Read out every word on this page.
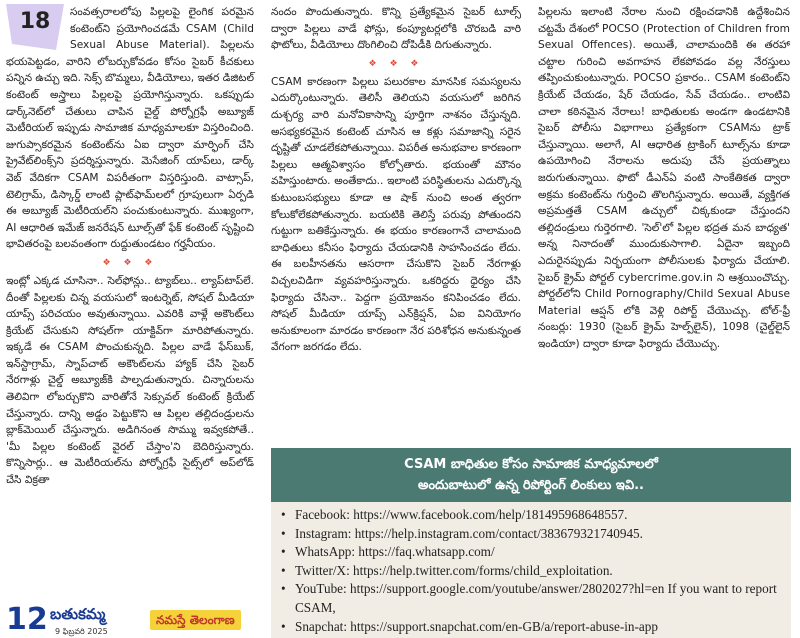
18	సంవత్సరాలలోపు పిల్లలపై లైంగిక పరమైన కంటెంట్‌ని ప్రయోగించడమే CSAM (Child Sexual Abuse Material). పిల్లలను భయపెట్టడం, వారిని లోబర్చుకోవడం కోసం సైబర్ కీచకులు పన్నిన ఉచ్చు ఇది. సెక్స్ బొమ్మలు, వీడియోలు, ఇతర డిజిటల్ కంటెంట్ అస్త్రాలు పిల్లలపై ప్రయోగిస్తున్నారు. ఒకప్పుడు డార్క్‌నెట్‌లో చేతులు చాపిన చైల్డ్ పోర్నోగ్రఫీ అబ్యూజ్ మెటీరియల్ ఇప్పుడు సామాజిక మాధ్యమాలకూ విస్తరించింది. జుగుప్సాకరమైన కంటెంట్‌ను ఏఐ ద్వారా మార్ఫింగ్ చేసి ప్రైవేట్‌లింక్స్‌ని ప్రదర్శిస్తున్నారు. మెసేజింగ్ యాప్‌లు, డార్క్ వెబ్ వేదికగా CSAM విపరీతంగా విస్తరిస్తుంది. వాట్సాప్, టెలిగ్రామ్, డిస్కార్డ్ లాంటి ప్లాట్‌ఫామ్‌లలో గ్రూపులుగా ఏర్పడి ఈ అబ్యూజ్ మెటీరియల్‌ని పంచుకుంటున్నారు. ముఖ్యంగా, AI ఆధారిత ఇమేజ్ జనరేషన్ టూల్స్‌తో ఫేక్ కంటెంట్ సృష్టించి భావితరంపై బలవంతంగా రుద్దుతుండటం గర్హనీయం.

❖ ❖ ❖

ఇంట్లో ఎక్కడ చూసినా.. సెల్‌ఫోన్లు.. ట్యాబ్‌లు.. ల్యాప్‌టాప్‌లే. దీంతో పిల్లలకు చిన్న వయసులో ఇంటర్నెట్, సోషల్ మీడియా యాప్స్ పరిచయం అవుతున్నాయి. ఎవరికి వాళ్లే అకౌంట్‌లు క్రియేట్ చేసుకుని సోషల్‌గా యాక్టివ్‌గా మారిపోతున్నారు. ఇక్కడే ఈ CSAM పొంచుకున్నది. పిల్లల వాడే ఫేస్‌బుక్, ఇన్‌స్టాగ్రామ్, స్నాప్‌చాట్ అకౌంట్‌లను హ్యాక్ చేసి సైబర్ నేరగాళ్లు చైల్డ్ అబ్యూజ్‌కి పాల్పడుతున్నారు. చిన్నారులను తెలివిగా లోబర్చుకొని వారితోనే సెక్సువల్ కంటెంట్ క్రియేట్ చేస్తున్నారు. దాన్ని అడ్డం పెట్టుకొని ఆ పిల్లల తల్లిదండ్రులను బ్లాక్‌మెయిల్ చేస్తున్నారు. అడిగినంత సొమ్ము ఇవ్వకపోతే.. 'మీ పిల్లల కంటెంట్ వైరల్ చేస్తాం'ని బెదిరిస్తున్నారు. కొన్నిసార్లు.. ఆ మెటీరియల్‌ను పోర్నోగ్రఫీ సైట్స్‌లో అప్‌లోడ్ చేసి విక్రతా

నందం పొందుతున్నారు. కొన్ని ప్రత్యేకమైన సైబర్ టూల్స్ ద్వారా పిల్లలు వాడే ఫోన్లు, కంప్యూటర్లలోకి చొరబడి వారి ఫొటోలు, వీడియోలు దొంగిలించి దోపిడీకి దిగుతున్నారు.

❖ ❖ ❖

CSAM కారణంగా పిల్లలు పలురకాల మానసిక సమస్యలను ఎదుర్కొంటున్నారు. తెలిసీ తెలియని వయసులో జరిగిన దుశ్చర్య వారి మనోవికాసాన్ని పూర్తిగా నాశనం చేస్తున్నది. అసభ్యకరమైన కంటెంట్ చూసిన ఆ కళ్లు సమాజాన్ని సరైన దృష్టితో చూడలేకపోతున్నాయి. విపరీత అనుభవాల కారణంగా పిల్లలు ఆత్మవిశ్వాసం కోల్పోతారు. భయంతో మౌనం వహిస్తుంటారు. అంతేకాదు.. ఇలాంటి పరిస్థితులను ఎదుర్కొన్న కుటుంబసభ్యులు కూడా ఆ షాక్ నుంచి అంత త్వరగా కోలుకోలేకపోతున్నారు. బయటికి తెలిస్తే పరువు పోతుందని గుట్టుగా బతికేస్తున్నారు. ఈ భయం కారణంగానే చాలామంది బాధితులు కనీసం ఫిర్యాదు చేయడానికి సాహసించడం లేదు. ఈ బలహీనతను ఆసరాగా చేసుకొని సైబర్ నేరగాళ్లు విచ్చలవిడిగా వ్యవహరిస్తున్నారు. ఒకరిద్దరు ధైర్యం చేసి ఫిర్యాదు చేసినా.. పెద్దగా ప్రయోజనం కనిపించడం లేదు. సోషల్ మీడియా యాప్స్ ఎన్‌క్రిప్షన్, ఏఐ వినియోగం అనుకూలంగా మారడం కారణంగా నేర పరిశోధన అనుకున్నంత వేగంగా జరగడం లేదు.

పిల్లలను ఇలాంటి నేరాల నుంచి రక్షించడానికి ఉద్దేశించిన చట్టమే దేశంలో POCSO (Protection of Children from Sexual Offences). అయితే, చాలామందికి ఈ తరహా చట్టాల గురించి అవగాహన లేకపోవడం వల్ల నేరస్తులు తప్పించుకుంటున్నారు. POCSO ప్రకారం.. CSAM కంటెంట్‌ని క్రియేట్ చేయడం, షేర్ చేయడం, సేవ్ చేయడం.. లాంటివి చాలా కఠినమైన నేరాలు! బాధితులకు అండగా ఉండటానికి సైబర్ పోలీసు విభాగాలు ప్రత్యేకంగా CSAMను ట్రాక్ చేస్తున్నాయి. అలాగే, AI ఆధారిత ట్రాకింగ్ టూల్స్‌ను కూడా ఉపయోగించి నేరాలను అదుపు చేసే ప్రయత్నాలు జరుగుతున్నాయి. ఫొటో డీఎన్ఏ వంటి సాంకేతికత ద్వారా అక్రమ కంటెంట్‌ను గుర్తించి తొలగిస్తున్నారు. అయితే, వ్యక్తిగత అప్రమత్తతే CSAM ఉచ్చులో చిక్కకుండా చేస్తుందని తల్లిదండ్రులు గుర్తెరగాలి. 'సెల్'లో పిల్లల భద్రత మన బాధ్యత' అన్న నినాదంతో ముందుకుసాగాలి. ఏదైనా ఇబ్బంది ఎదురైనప్పుడు నిర్భయంగా పోలీసులకు ఫిర్యాదు చేయాలి. సైబర్ క్రైమ్ పోర్టల్ cybercrime.gov.in ని ఆశ్రయించొచ్చు. పోర్టల్‌లోని Child Pornography/Child Sexual Abuse Material ఆప్షన్ లోకి వెళ్లి రిపోర్ట్ చేయొచ్చు. టోల్-ఫ్రీ నంబర్లు: 1930 (సైబర్ క్రైమ్ హెల్ప్‌లైన్), 1098 (చైల్డ్‌లైన్ ఇండియా) ద్వారా కూడా ఫిర్యాదు చేయొచ్చు.

CSAM బాధితుల కోసం సామాజిక మాధ్యమాలలో
అందుబాటులో ఉన్న రిపోర్టింగ్ లింకులు ఇవి..
• Facebook: https://www.facebook.com/help/181495968648557.
• Instagram: https://help.instagram.com/contact/383679321740945.
• WhatsApp: https://faq.whatsapp.com/
• Twitter/X: https://help.twitter.com/forms/child_exploitation.
• YouTube: https://support.google.com/youtube/answer/2802027?hl=en If you want to report CSAM,
• Snapchat: https://support.snapchat.com/en-GB/a/report-abuse-in-app
12 బతుకమ్మ
9 ఫిబ్రవరి 2025
నమస్తే తెలంగాణ
